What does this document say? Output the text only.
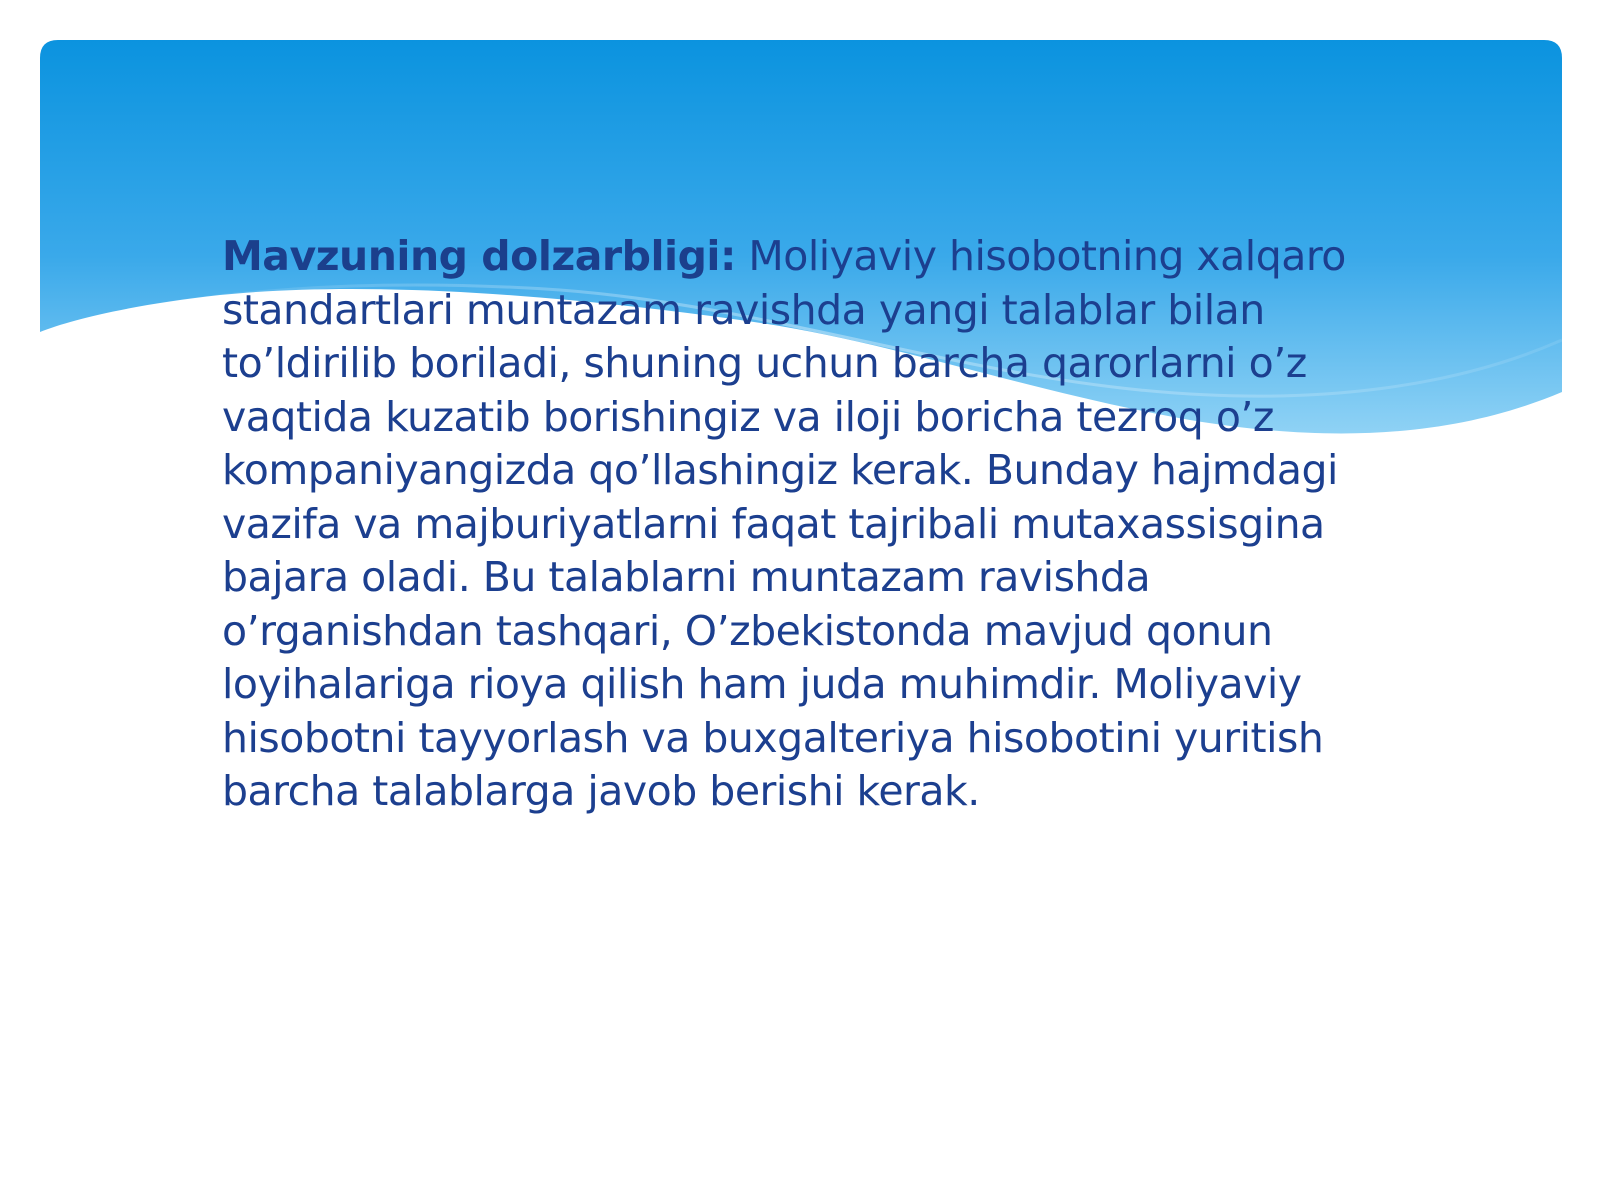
Mavzuning dolzarbligi: Moliyaviy hisobotning xalqaro standartlari muntazam ravishda yangi talablar bilan to’ldirilib boriladi, shuning uchun barcha qarorlarni o’z vaqtida kuzatib borishingiz va iloji boricha tezroq o’z kompaniyangizda qo’llashingiz kerak. Bunday hajmdagi vazifa va majburiyatlarni faqat tajribali mutaxassisgina bajara oladi. Bu talablarni muntazam ravishda o’rganishdan tashqari, O’zbekistonda mavjud qonun loyihalariga rioya qilish ham juda muhimdir. Moliyaviy hisobotni tayyorlash va buxgalteriya hisobotini yuritish barcha talablarga javob berishi kerak.
